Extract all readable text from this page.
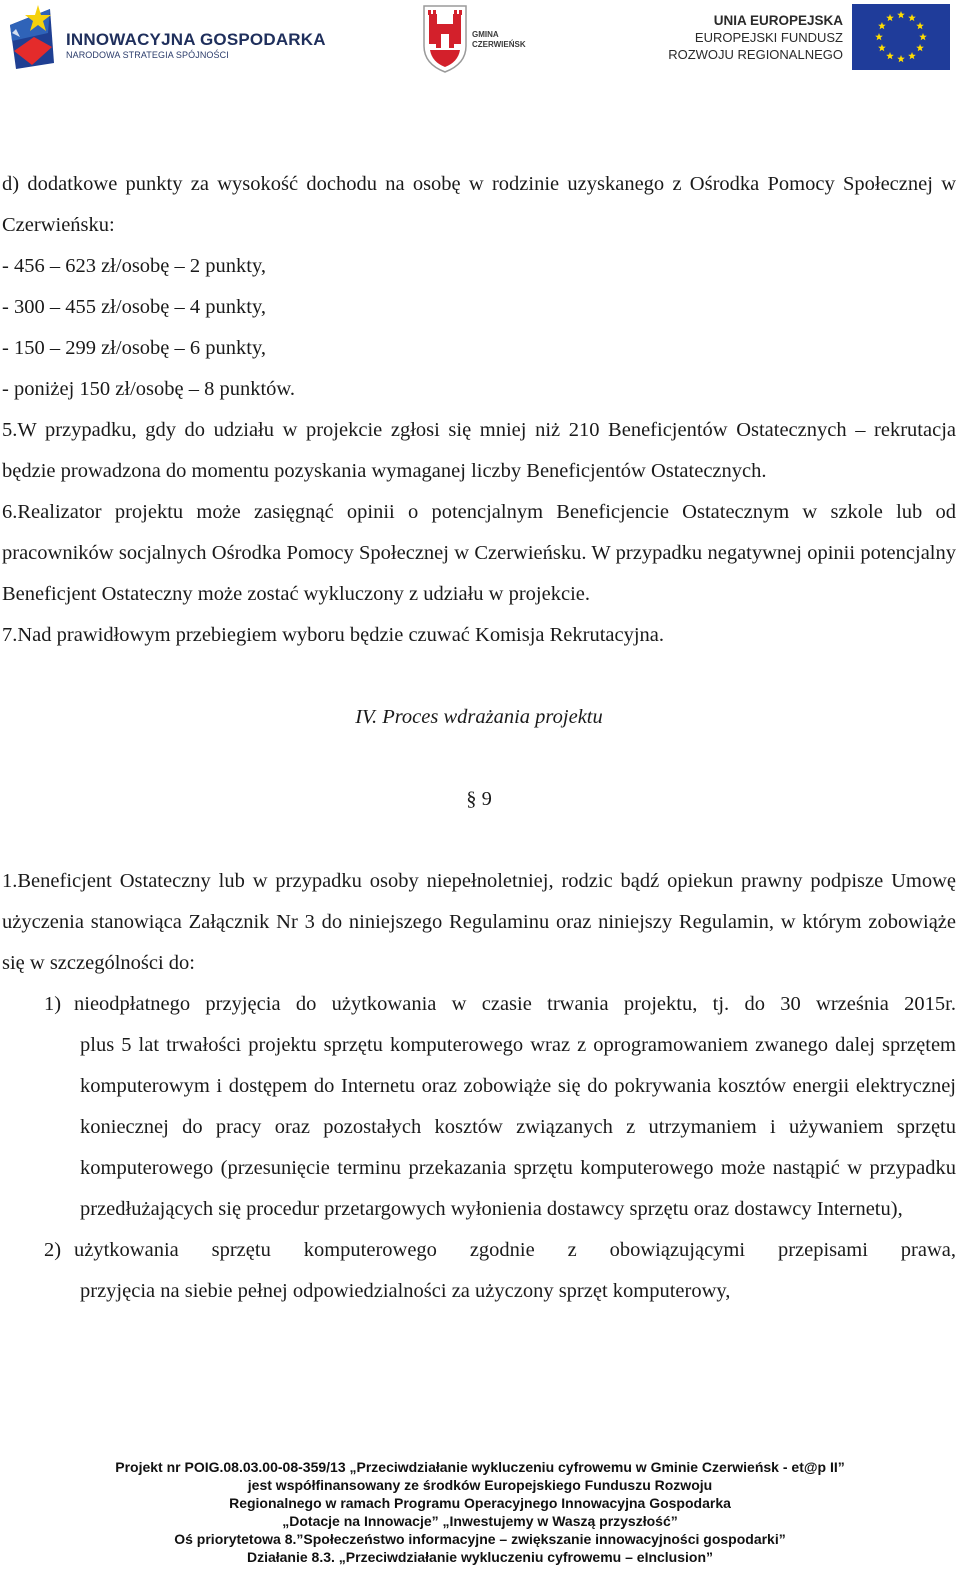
INNOWACYJNA GOSPODARKA
NARODOWA STRATEGIA SPÓJNOŚCI
GMINA
CZERWIEŃSK
UNIA EUROPEJSKA
EUROPEJSKI FUNDUSZ
ROZWOJU REGIONALNEGO

d) dodatkowe punkty za wysokość dochodu na osobę w rodzinie uzyskanego z Ośrodka Pomocy Społecznej w Czerwieńsku:

- 456 – 623 zł/osobę – 2 punkty,

- 300 – 455 zł/osobę – 4 punkty,

- 150 – 299 zł/osobę – 6 punkty,

- poniżej 150 zł/osobę – 8 punktów.

5.W przypadku, gdy do udziału w projekcie zgłosi się mniej niż 210 Beneficjentów Ostatecznych – rekrutacja będzie prowadzona do momentu pozyskania wymaganej liczby Beneficjentów Ostatecznych.

6.Realizator projektu może zasięgnąć opinii o potencjalnym Beneficjencie Ostatecznym w szkole lub od pracowników socjalnych Ośrodka Pomocy Społecznej w Czerwieńsku. W przypadku negatywnej opinii potencjalny Beneficjent Ostateczny może zostać wykluczony z udziału w projekcie.

7.Nad prawidłowym przebiegiem wyboru będzie czuwać Komisja Rekrutacyjna.

IV. Proces wdrażania projektu

§ 9

1.Beneficjent Ostateczny lub w przypadku osoby niepełnoletniej, rodzic bądź opiekun prawny podpisze Umowę użyczenia stanowiąca Załącznik Nr 3 do niniejszego Regulaminu oraz niniejszy Regulamin, w którym zobowiąże się w szczególności do:

1) nieodpłatnego przyjęcia do użytkowania w czasie trwania projektu, tj. do 30 września 2015r.
plus 5 lat trwałości projektu sprzętu komputerowego wraz z oprogramowaniem zwanego dalej sprzętem komputerowym i dostępem do Internetu oraz zobowiąże się do pokrywania kosztów energii elektrycznej koniecznej do pracy oraz pozostałych kosztów związanych z utrzymaniem i używaniem sprzętu komputerowego (przesunięcie terminu przekazania sprzętu komputerowego może nastąpić w przypadku przedłużających się procedur przetargowych wyłonienia dostawcy sprzętu oraz dostawcy Internetu),
2) użytkowania sprzętu komputerowego zgodnie z obowiązującymi przepisami prawa,
przyjęcia na siebie pełnej odpowiedzialności za użyczony sprzęt komputerowy,
Projekt nr POIG.08.03.00-08-359/13 „Przeciwdziałanie wykluczeniu cyfrowemu w Gminie Czerwieńsk - et@p II”
jest współfinansowany ze środków Europejskiego Funduszu Rozwoju
Regionalnego w ramach Programu Operacyjnego Innowacyjna Gospodarka
„Dotacje na Innowacje” „Inwestujemy w Waszą przyszłość”
Oś priorytetowa 8.”Społeczeństwo informacyjne – zwiększanie innowacyjności gospodarki”
Działanie 8.3. „Przeciwdziałanie wykluczeniu cyfrowemu – eInclusion”
